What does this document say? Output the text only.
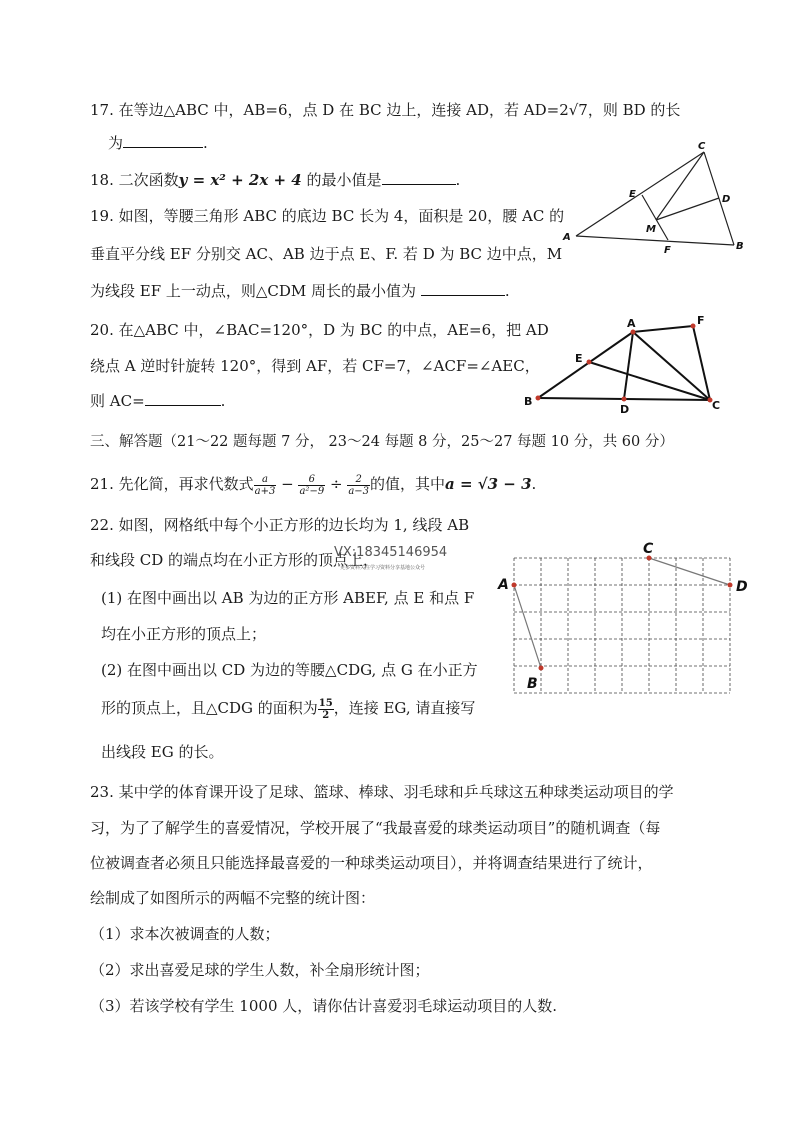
17. 在等边△ABC 中，AB=6，点 D 在 BC 边上，连接 AD，若 AD=2√7，则 BD 的长
为	.
18. 二次函数y = x² + 2x + 4 的最小值是	.
19. 如图，等腰三角形 ABC 的底边 BC 长为 4，面积是 20，腰 AC 的
垂直平分线 EF 分别交 AC、AB 边于点 E、F. 若 D 为 BC 边中点，M
为线段 EF 上一动点，则△CDM 周长的最小值为	.
A
B
C
D
E
F
M
20. 在△ABC 中，∠BAC=120°，D 为 BC 的中点，AE=6，把 AD
绕点 A 逆时针旋转 120°，得到 AF，若 CF=7，∠ACF=∠AEC，
则 AC=	.	B
A
C
F
D
E
三、解答题（21～22 题每题 7 分， 23～24 每题 8 分，25～27 每题 10 分，共 60 分）
21. 先化简，再求代数式 $\frac{a}{a+3} - \frac{6}{\text{a²−9}} \div \frac{2}{a-3}$ 的值，其中a = √3 − 3.
22. 如图，网格纸中每个小正方形的边长均为 1, 线段 AB
和线段 CD 的端点均在小正方形的顶点上，
VX:18345146954
更多资料关注学习资料分享基地公众号
(1) 在图中画出以 AB 为边的正方形 ABEF, 点 E 和点 F
均在小正方形的顶点上；
(2) 在图中画出以 CD 为边的等腰△CDG, 点 G 在小正方
形的顶点上，且△CDG 的面积为 $\frac{15}{2}$ ，连接 EG, 请直接写
出线段 EG 的长。
A
B
C
D
23. 某中学的体育课开设了足球、篮球、棒球、羽毛球和乒乓球这五种球类运动项目的学
习，为了了解学生的喜爱情况，学校开展了“我最喜爱的球类运动项目”的随机调查（每
位被调查者必须且只能选择最喜爱的一种球类运动项目），并将调查结果进行了统计，
绘制成了如图所示的两幅不完整的统计图：
（1）求本次被调查的人数；
（2）求出喜爱足球的学生人数，补全扇形统计图；
（3）若该学校有学生 1000 人，请你估计喜爱羽毛球运动项目的人数.
